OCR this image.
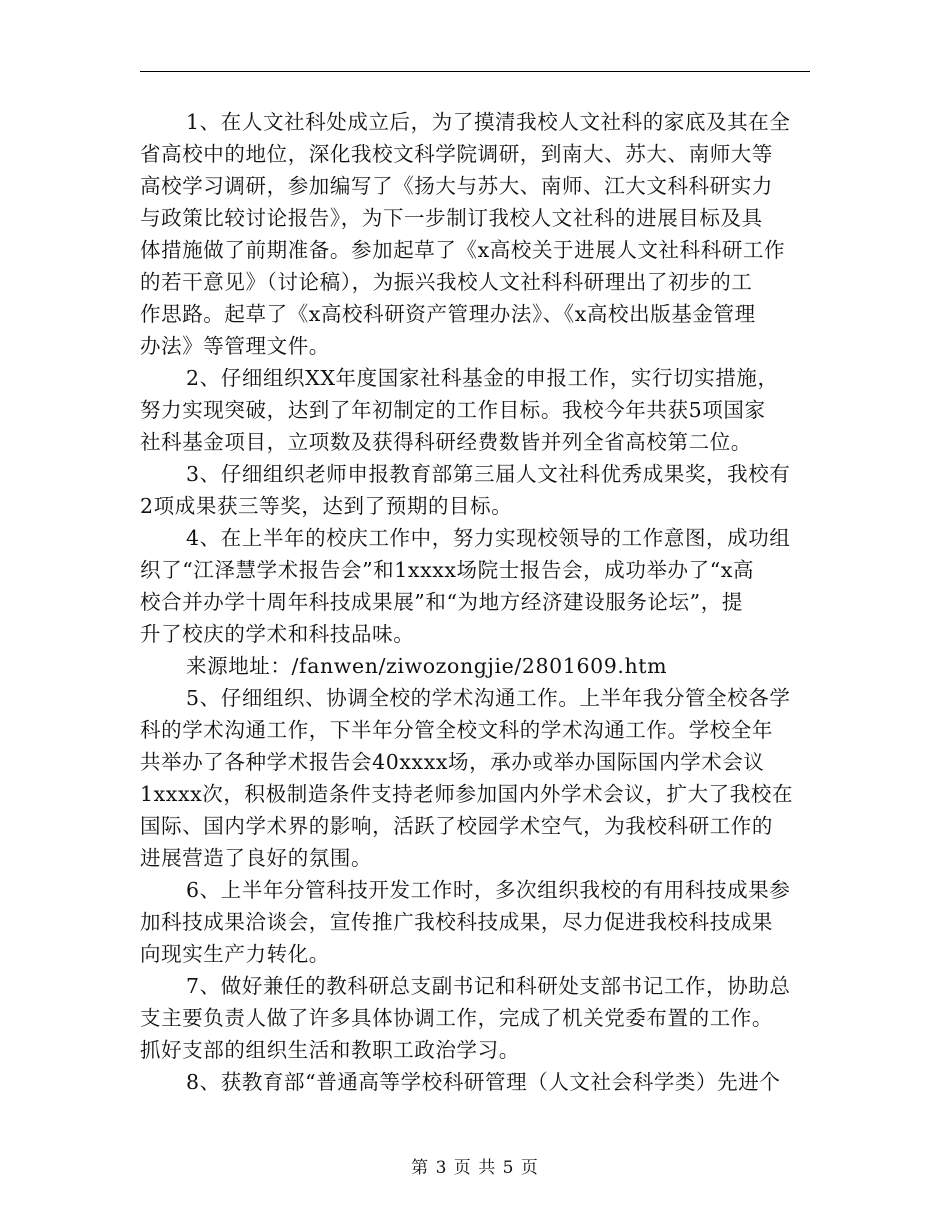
1、在人文社科处成立后，为了摸清我校人文社科的家底及其在全
省高校中的地位，深化我校文科学院调研，到南大、苏大、南师大等
高校学习调研，参加编写了《扬大与苏大、南师、江大文科科研实力
与政策比较讨论报告》，为下一步制订我校人文社科的进展目标及具
体措施做了前期准备。参加起草了《x高校关于进展人文社科科研工作
的若干意见》（讨论稿），为振兴我校人文社科科研理出了初步的工
作思路。起草了《x高校科研资产管理办法》、《x高校出版基金管理
办法》等管理文件。
2、仔细组织XX年度国家社科基金的申报工作，实行切实措施，
努力实现突破，达到了年初制定的工作目标。我校今年共获5项国家
社科基金项目，立项数及获得科研经费数皆并列全省高校第二位。
3、仔细组织老师申报教育部第三届人文社科优秀成果奖，我校有
2项成果获三等奖，达到了预期的目标。
4、在上半年的校庆工作中，努力实现校领导的工作意图，成功组
织了“江泽慧学术报告会”和1xxxx场院士报告会，成功举办了“x高
校合并办学十周年科技成果展”和“为地方经济建设服务论坛”，提
升了校庆的学术和科技品味。
来源地址：/fanwen/ziwozongjie/2801609.htm
5、仔细组织、协调全校的学术沟通工作。上半年我分管全校各学
科的学术沟通工作，下半年分管全校文科的学术沟通工作。学校全年
共举办了各种学术报告会40xxxx场，承办或举办国际国内学术会议
1xxxx次，积极制造条件支持老师参加国内外学术会议，扩大了我校在
国际、国内学术界的影响，活跃了校园学术空气，为我校科研工作的
进展营造了良好的氛围。
6、上半年分管科技开发工作时，多次组织我校的有用科技成果参
加科技成果洽谈会，宣传推广我校科技成果，尽力促进我校科技成果
向现实生产力转化。
7、做好兼任的教科研总支副书记和科研处支部书记工作，协助总
支主要负责人做了许多具体协调工作，完成了机关党委布置的工作。
抓好支部的组织生活和教职工政治学习。
8、获教育部“普通高等学校科研管理（人文社会科学类）先进个
第 3 页 共 5 页
